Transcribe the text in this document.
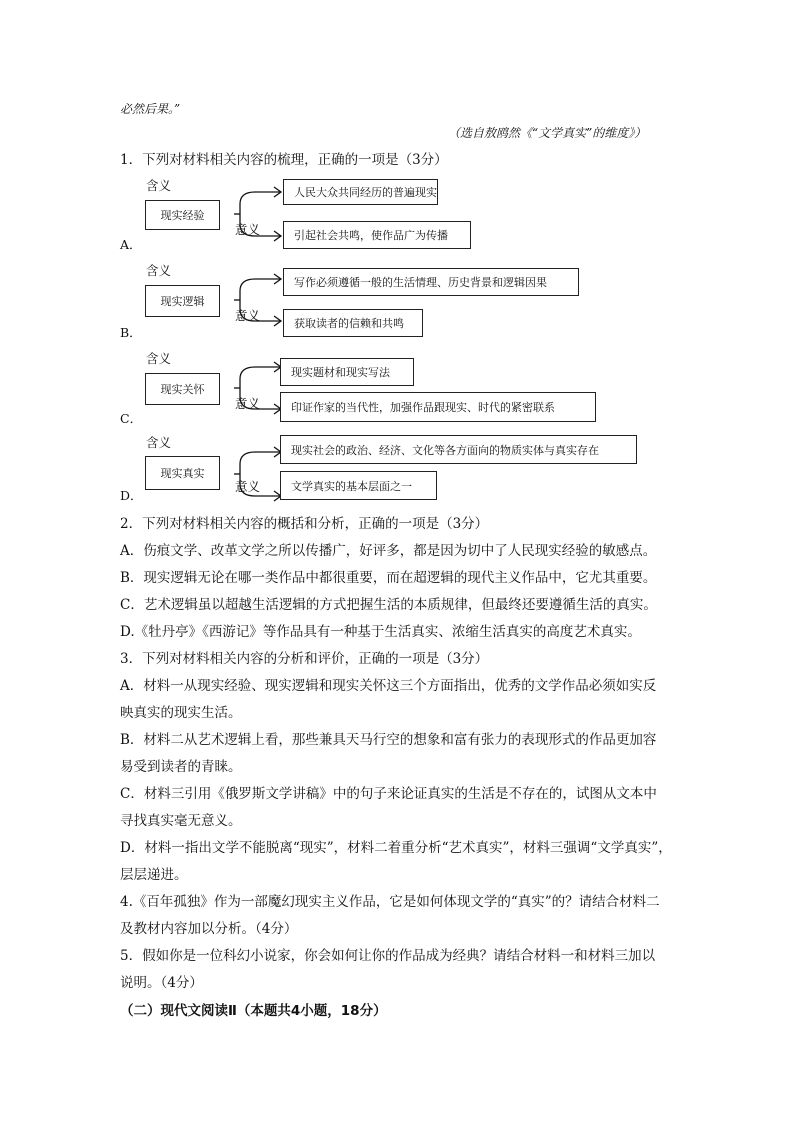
必然后果。”
（选自敖鸥然《“文学真实”的维度》）
1．下列对材料相关内容的梳理，正确的一项是（3分）
含义
现实经验
人民大众共同经历的普遍现实
意义	引起社会共鸣，使作品广为传播
A．
含义
现实逻辑
写作必须遵循一般的生活情理、历史背景和逻辑因果
意义
获取读者的信赖和共鸣
B．
含义
现实关怀
现实题材和现实写法
意义	印证作家的当代性，加强作品跟现实、时代的紧密联系
C．
含义
现实真实
现实社会的政治、经济、文化等各方面向的物质实体与真实存在
意义	文学真实的基本层面之一
D．
2．下列对材料相关内容的概括和分析，正确的一项是（3分）
A．伤痕文学、改革文学之所以传播广，好评多，都是因为切中了人民现实经验的敏感点。
B．现实逻辑无论在哪一类作品中都很重要，而在超逻辑的现代主义作品中，它尤其重要。
C．艺术逻辑虽以超越生活逻辑的方式把握生活的本质规律，但最终还要遵循生活的真实。
D.《牡丹亭》《西游记》等作品具有一种基于生活真实、浓缩生活真实的高度艺术真实。
3．下列对材料相关内容的分析和评价，正确的一项是（3分）
A．材料一从现实经验、现实逻辑和现实关怀这三个方面指出，优秀的文学作品必须如实反
映真实的现实生活。
B．材料二从艺术逻辑上看，那些兼具天马行空的想象和富有张力的表现形式的作品更加容
易受到读者的青睐。
C．材料三引用《俄罗斯文学讲稿》中的句子来论证真实的生活是不存在的，试图从文本中
寻找真实毫无意义。
D．材料一指出文学不能脱离“现实”，材料二着重分析“艺术真实”，材料三强调“文学真实”，
层层递进。
4.《百年孤独》作为一部魔幻现实主义作品，它是如何体现文学的“真实”的？请结合材料二
及教材内容加以分析。（4分）
5．假如你是一位科幻小说家，你会如何让你的作品成为经典？请结合材料一和材料三加以
说明。（4分）
（二）现代文阅读Ⅱ（本题共4小题，18分）
